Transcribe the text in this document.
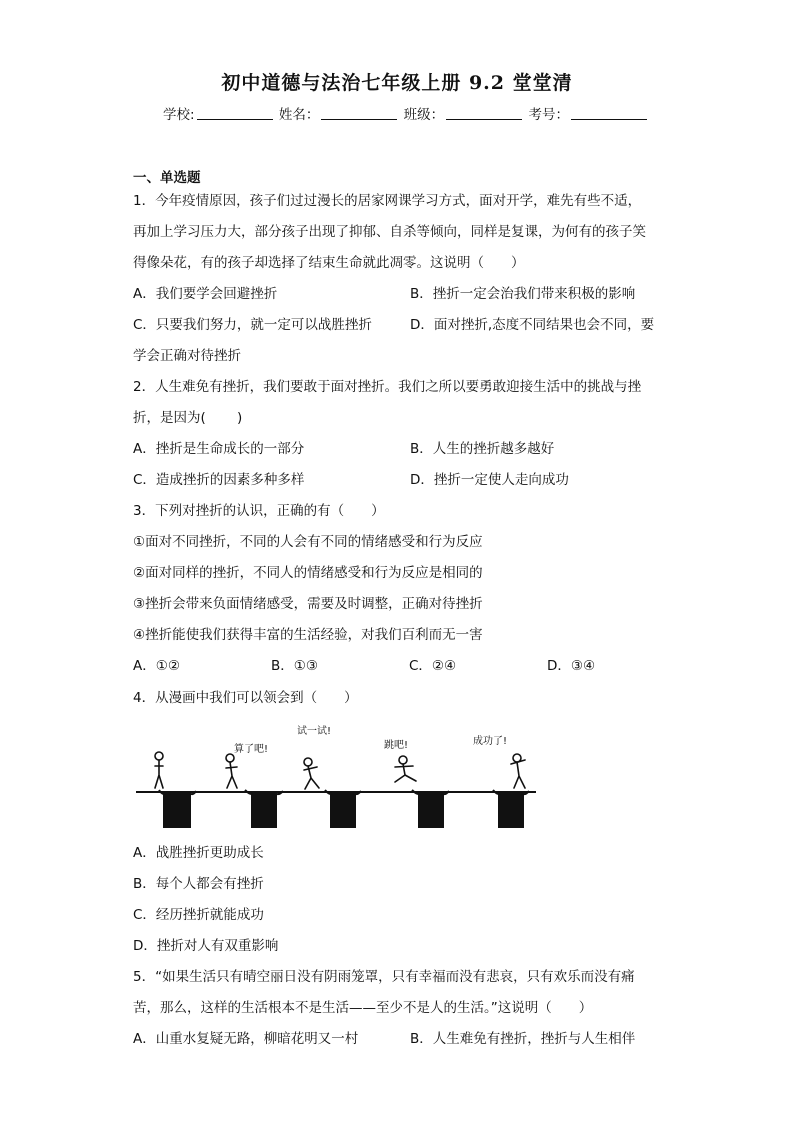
初中道德与法治七年级上册 9.2 堂堂清
学校:	姓名：	班级：	考号：
一、单选题
1．今年疫情原因，孩子们过过漫长的居家网课学习方式，面对开学，难先有些不适，
再加上学习压力大，部分孩子出现了抑郁、自杀等倾向，同样是复课，为何有的孩子笑
得像朵花，有的孩子却选择了结束生命就此凋零。这说明（　　）
A．我们要学会回避挫折	B．挫折一定会治我们带来积极的影响
C．只要我们努力，就一定可以战胜挫折	D．面对挫折,态度不同结果也会不同，要
学会正确对待挫折
2．人生难免有挫折，我们要敢于面对挫折。我们之所以要勇敢迎接生活中的挑战与挫
折，是因为(　　 )
A．挫折是生命成长的一部分	B．人生的挫折越多越好
C．造成挫折的因素多种多样	D．挫折一定使人走向成功
3．下列对挫折的认识，正确的有（　　）
①面对不同挫折，不同的人会有不同的情绪感受和行为反应
②面对同样的挫折，不同人的情绪感受和行为反应是相同的
③挫折会带来负面情绪感受，需要及时调整，正确对待挫折
④挫折能使我们获得丰富的生活经验，对我们百利而无一害
A．①②	B．①③	C．②④	D．③④
4．从漫画中我们可以领会到（　　）
算了吧!
试一试!
跳吧!	成功了!
A．战胜挫折更助成长
B．每个人都会有挫折
C．经历挫折就能成功
D．挫折对人有双重影响
5．“如果生活只有晴空丽日没有阴雨笼罩，只有幸福而没有悲哀，只有欢乐而没有痛
苦，那么，这样的生活根本不是生活——至少不是人的生活。”这说明（　　）
A．山重水复疑无路，柳暗花明又一村	B．人生难免有挫折，挫折与人生相伴
